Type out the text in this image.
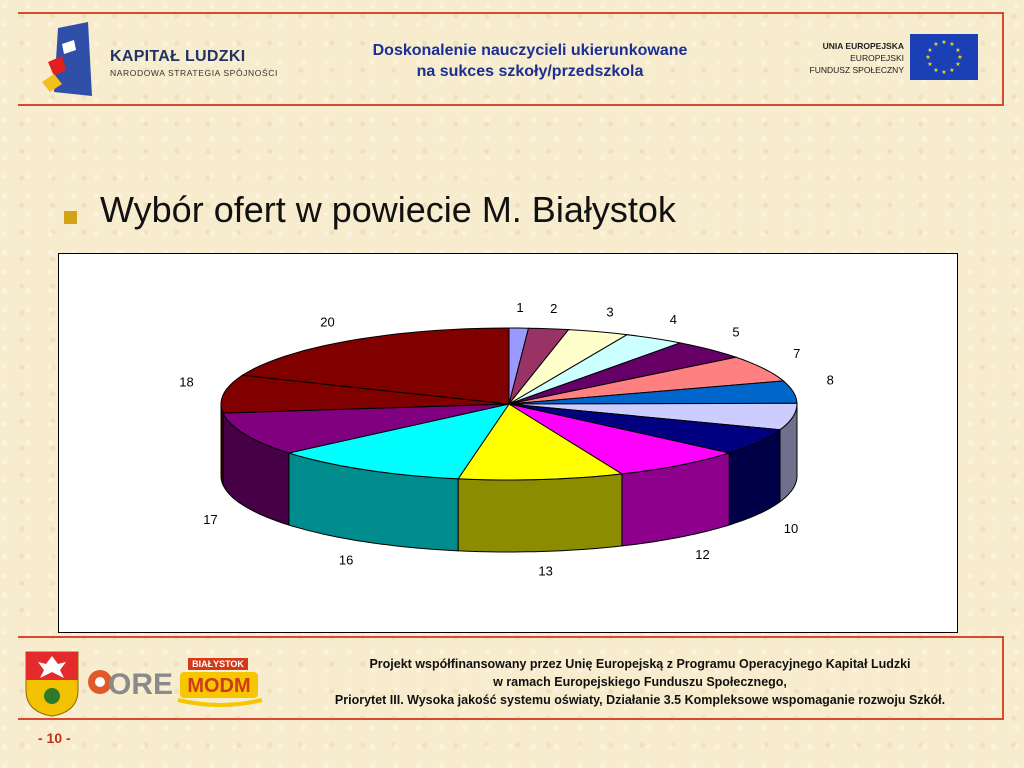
KAPITAŁ LUDZKI
NARODOWA STRATEGIA SPÓJNOŚCI
Doskonalenie nauczycieli ukierunkowane
na sukces szkoły/przedszkola
UNIA EUROPEJSKA
EUROPEJSKI
FUNDUSZ SPOŁECZNY
★ ★
★
★
★
★
★
★
★
★
★
★
Wybór ofert w powiecie M. Białystok
1 2	3	4
5
7
8
10
12
13
16
17
18
20
ORE
BIAŁYSTOK
MODM
Projekt współfinansowany przez Unię Europejską z Programu Operacyjnego Kapitał Ludzki
w ramach Europejskiego Funduszu Społecznego,
Priorytet III. Wysoka jakość systemu oświaty, Działanie 3.5 Kompleksowe wspomaganie rozwoju Szkół.
- 10 -
